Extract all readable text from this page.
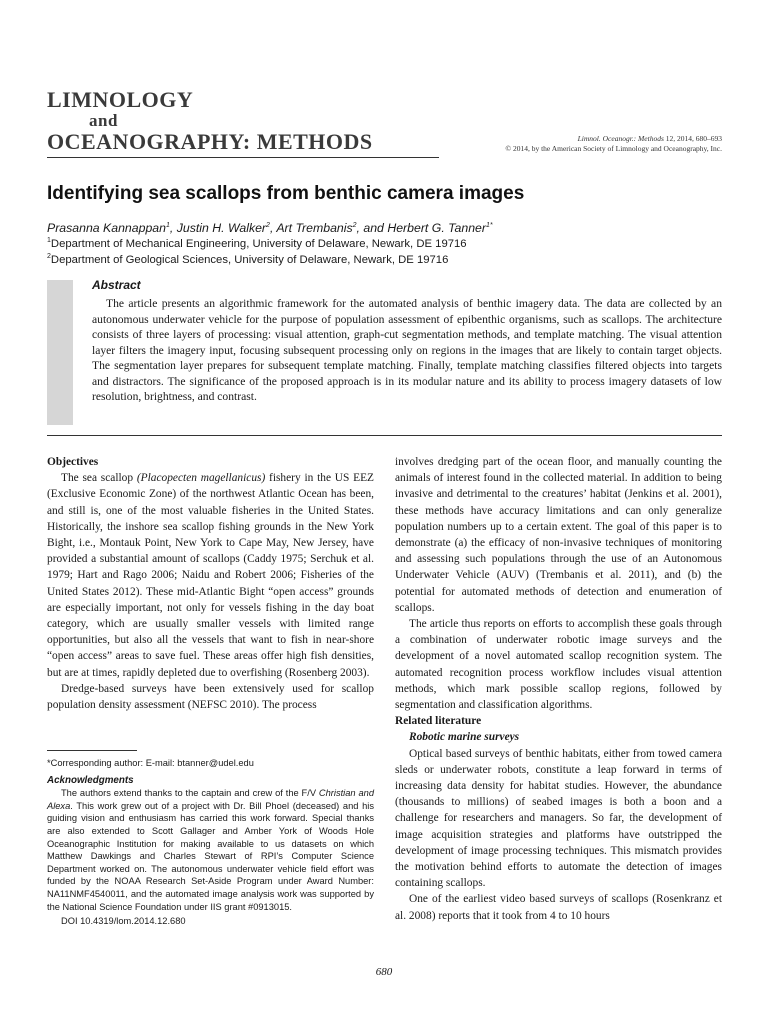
LIMNOLOGY
and
OCEANOGRAPHY: METHODS	Limnol. Oceanogr.: Methods 12, 2014, 680–693
© 2014, by the American Society of Limnology and Oceanography, Inc.
Identifying sea scallops from benthic camera images
Prasanna Kannappan$^1$, Justin H. Walker$^2$, Art Trembanis$^2$, and Herbert G. Tanner$^{1*}$
$^1$Department of Mechanical Engineering, University of Delaware, Newark, DE 19716
$^2$Department of Geological Sciences, University of Delaware, Newark, DE 19716
Abstract
The article presents an algorithmic framework for the automated analysis of benthic imagery data. The data are collected by an autonomous underwater vehicle for the purpose of population assessment of epibenthic organisms, such as scallops. The architecture consists of three layers of processing: visual attention, graph-cut segmentation methods, and template matching. The visual attention layer filters the imagery input, focusing subsequent processing only on regions in the images that are likely to contain target objects. The segmentation layer prepares for subsequent template matching. Finally, template matching classifies filtered objects into targets and distractors. The significance of the proposed approach is in its modular nature and its ability to process imagery datasets of low resolution, brightness, and contrast.

Objectives

The sea scallop (Placopecten magellanicus) fishery in the US EEZ (Exclusive Economic Zone) of the northwest Atlantic Ocean has been, and still is, one of the most valuable fisheries in the United States. Historically, the inshore sea scallop fishing grounds in the New York Bight, i.e., Montauk Point, New York to Cape May, New Jersey, have provided a substantial amount of scallops (Caddy 1975; Serchuk et al. 1979; Hart and Rago 2006; Naidu and Robert 2006; Fisheries of the United States 2012). These mid-Atlantic Bight “open access” grounds are especially important, not only for vessels fishing in the day boat category, which are usually smaller vessels with limited range opportunities, but also all the vessels that want to fish in near-shore “open access” areas to save fuel. These areas offer high fish densities, but are at times, rapidly depleted due to overfishing (Rosenberg 2003).

Dredge-based surveys have been extensively used for scallop population density assessment (NEFSC 2010). The process

*Corresponding author: E-mail: btanner@udel.edu

Acknowledgments

The authors extend thanks to the captain and crew of the F/V Christian and Alexa. This work grew out of a project with Dr. Bill Phoel (deceased) and his guiding vision and enthusiasm has carried this work forward. Special thanks are also extended to Scott Gallager and Amber York of Woods Hole Oceanographic Institution for making available to us datasets on which Matthew Dawkings and Charles Stewart of RPI’s Computer Science Department worked on. The autonomous underwater vehicle field effort was funded by the NOAA Research Set-Aside Program under Award Number: NA11NMF4540011, and the automated image analysis work was supported by the National Science Foundation under IIS grant #0913015.

DOI 10.4319/lom.2014.12.680

involves dredging part of the ocean floor, and manually counting the animals of interest found in the collected material. In addition to being invasive and detrimental to the creatures’ habitat (Jenkins et al. 2001), these methods have accuracy limitations and can only generalize population numbers up to a certain extent. The goal of this paper is to demonstrate (a) the efficacy of non-invasive techniques of monitoring and assessing such populations through the use of an Autonomous Underwater Vehicle (AUV) (Trembanis et al. 2011), and (b) the potential for automated methods of detection and enumeration of scallops.

The article thus reports on efforts to accomplish these goals through a combination of underwater robotic image surveys and the development of a novel automated scallop recognition system. The automated recognition process workflow includes visual attention methods, which mark possible scallop regions, followed by segmentation and classification algorithms.

Related literature

Robotic marine surveys

Optical based surveys of benthic habitats, either from towed camera sleds or underwater robots, constitute a leap forward in terms of increasing data density for habitat studies. However, the abundance (thousands to millions) of seabed images is both a boon and a challenge for researchers and managers. So far, the development of image acquisition strategies and platforms have outstripped the development of image processing techniques. This mismatch provides the motivation behind efforts to automate the detection of images containing scallops.

One of the earliest video based surveys of scallops (Rosenkranz et al. 2008) reports that it took from 4 to 10 hours

680
